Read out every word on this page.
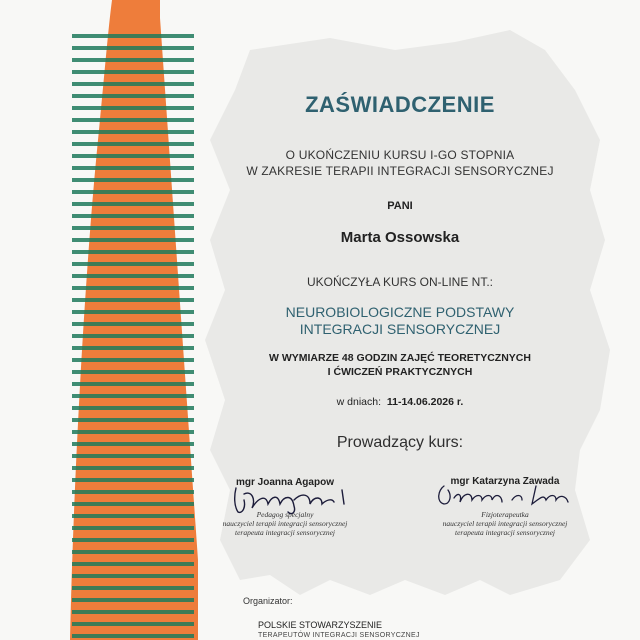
ZAŚWIADCZENIE
O UKOŃCZENIU KURSU I-GO STOPNIA
W ZAKRESIE TERAPII INTEGRACJI SENSORYCZNEJ
PANI
Marta Ossowska
UKOŃCZYŁA KURS ON-LINE NT.:
NEUROBIOLOGICZNE PODSTAWY
INTEGRACJI SENSORYCZNEJ
W WYMIARZE 48 GODZIN ZAJĘĆ TEORETYCZNYCH
I ĆWICZEŃ PRAKTYCZNYCH
w dniach: 11-14.06.2026 r.
Prowadzący kurs:
mgr Joanna Agapow
Pedagog specjalny
nauczyciel terapii integracji sensorycznej
terapeuta integracji sensorycznej
mgr Katarzyna Zawada
Fizjoterapeutka
nauczyciel terapii integracji sensorycznej
terapeuta integracji sensorycznej
Organizator:
POLSKIE STOWARZYSZENIE
TERAPEUTÓW INTEGRACJI SENSORYCZNEJ
